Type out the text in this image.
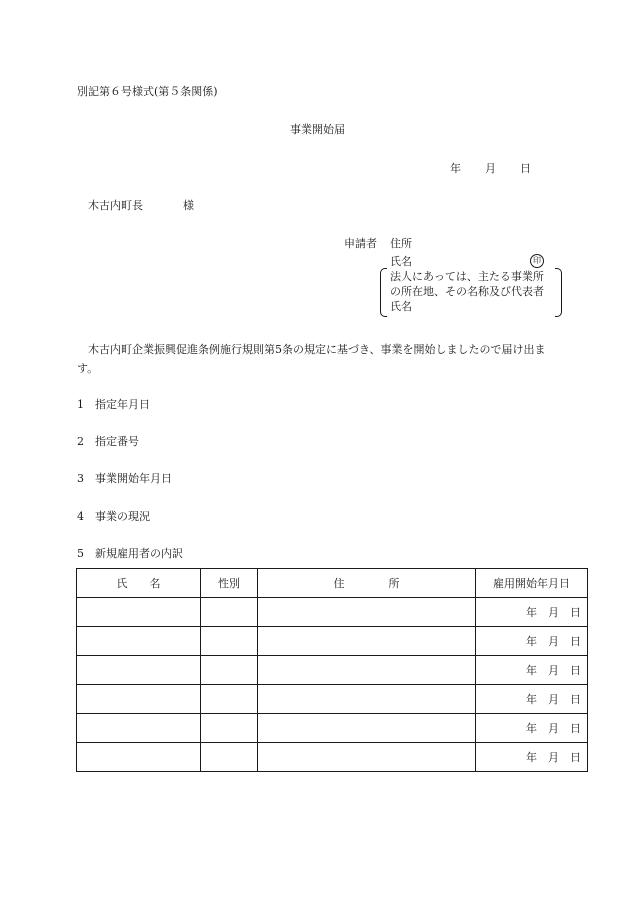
別記第６号様式(第５条関係)
事業開始届
年 月 日
木古内町長	様
申請者 住所
氏名	印
法人にあっては、主たる事業所
の所在地、その名称及び代表者
氏名
木古内町企業振興促進条例施行規則第5条の規定に基づき、事業を開始しましたので届け出ます。
1 指定年月日
2 指定番号
3 事業開始年月日
4 事業の現況
5 新規雇用者の内訳
氏　　名	性別	住　　　　所	雇用開始年月日
			年　月　日
			年　月　日
			年　月　日
			年　月　日
			年　月　日
			年　月　日
